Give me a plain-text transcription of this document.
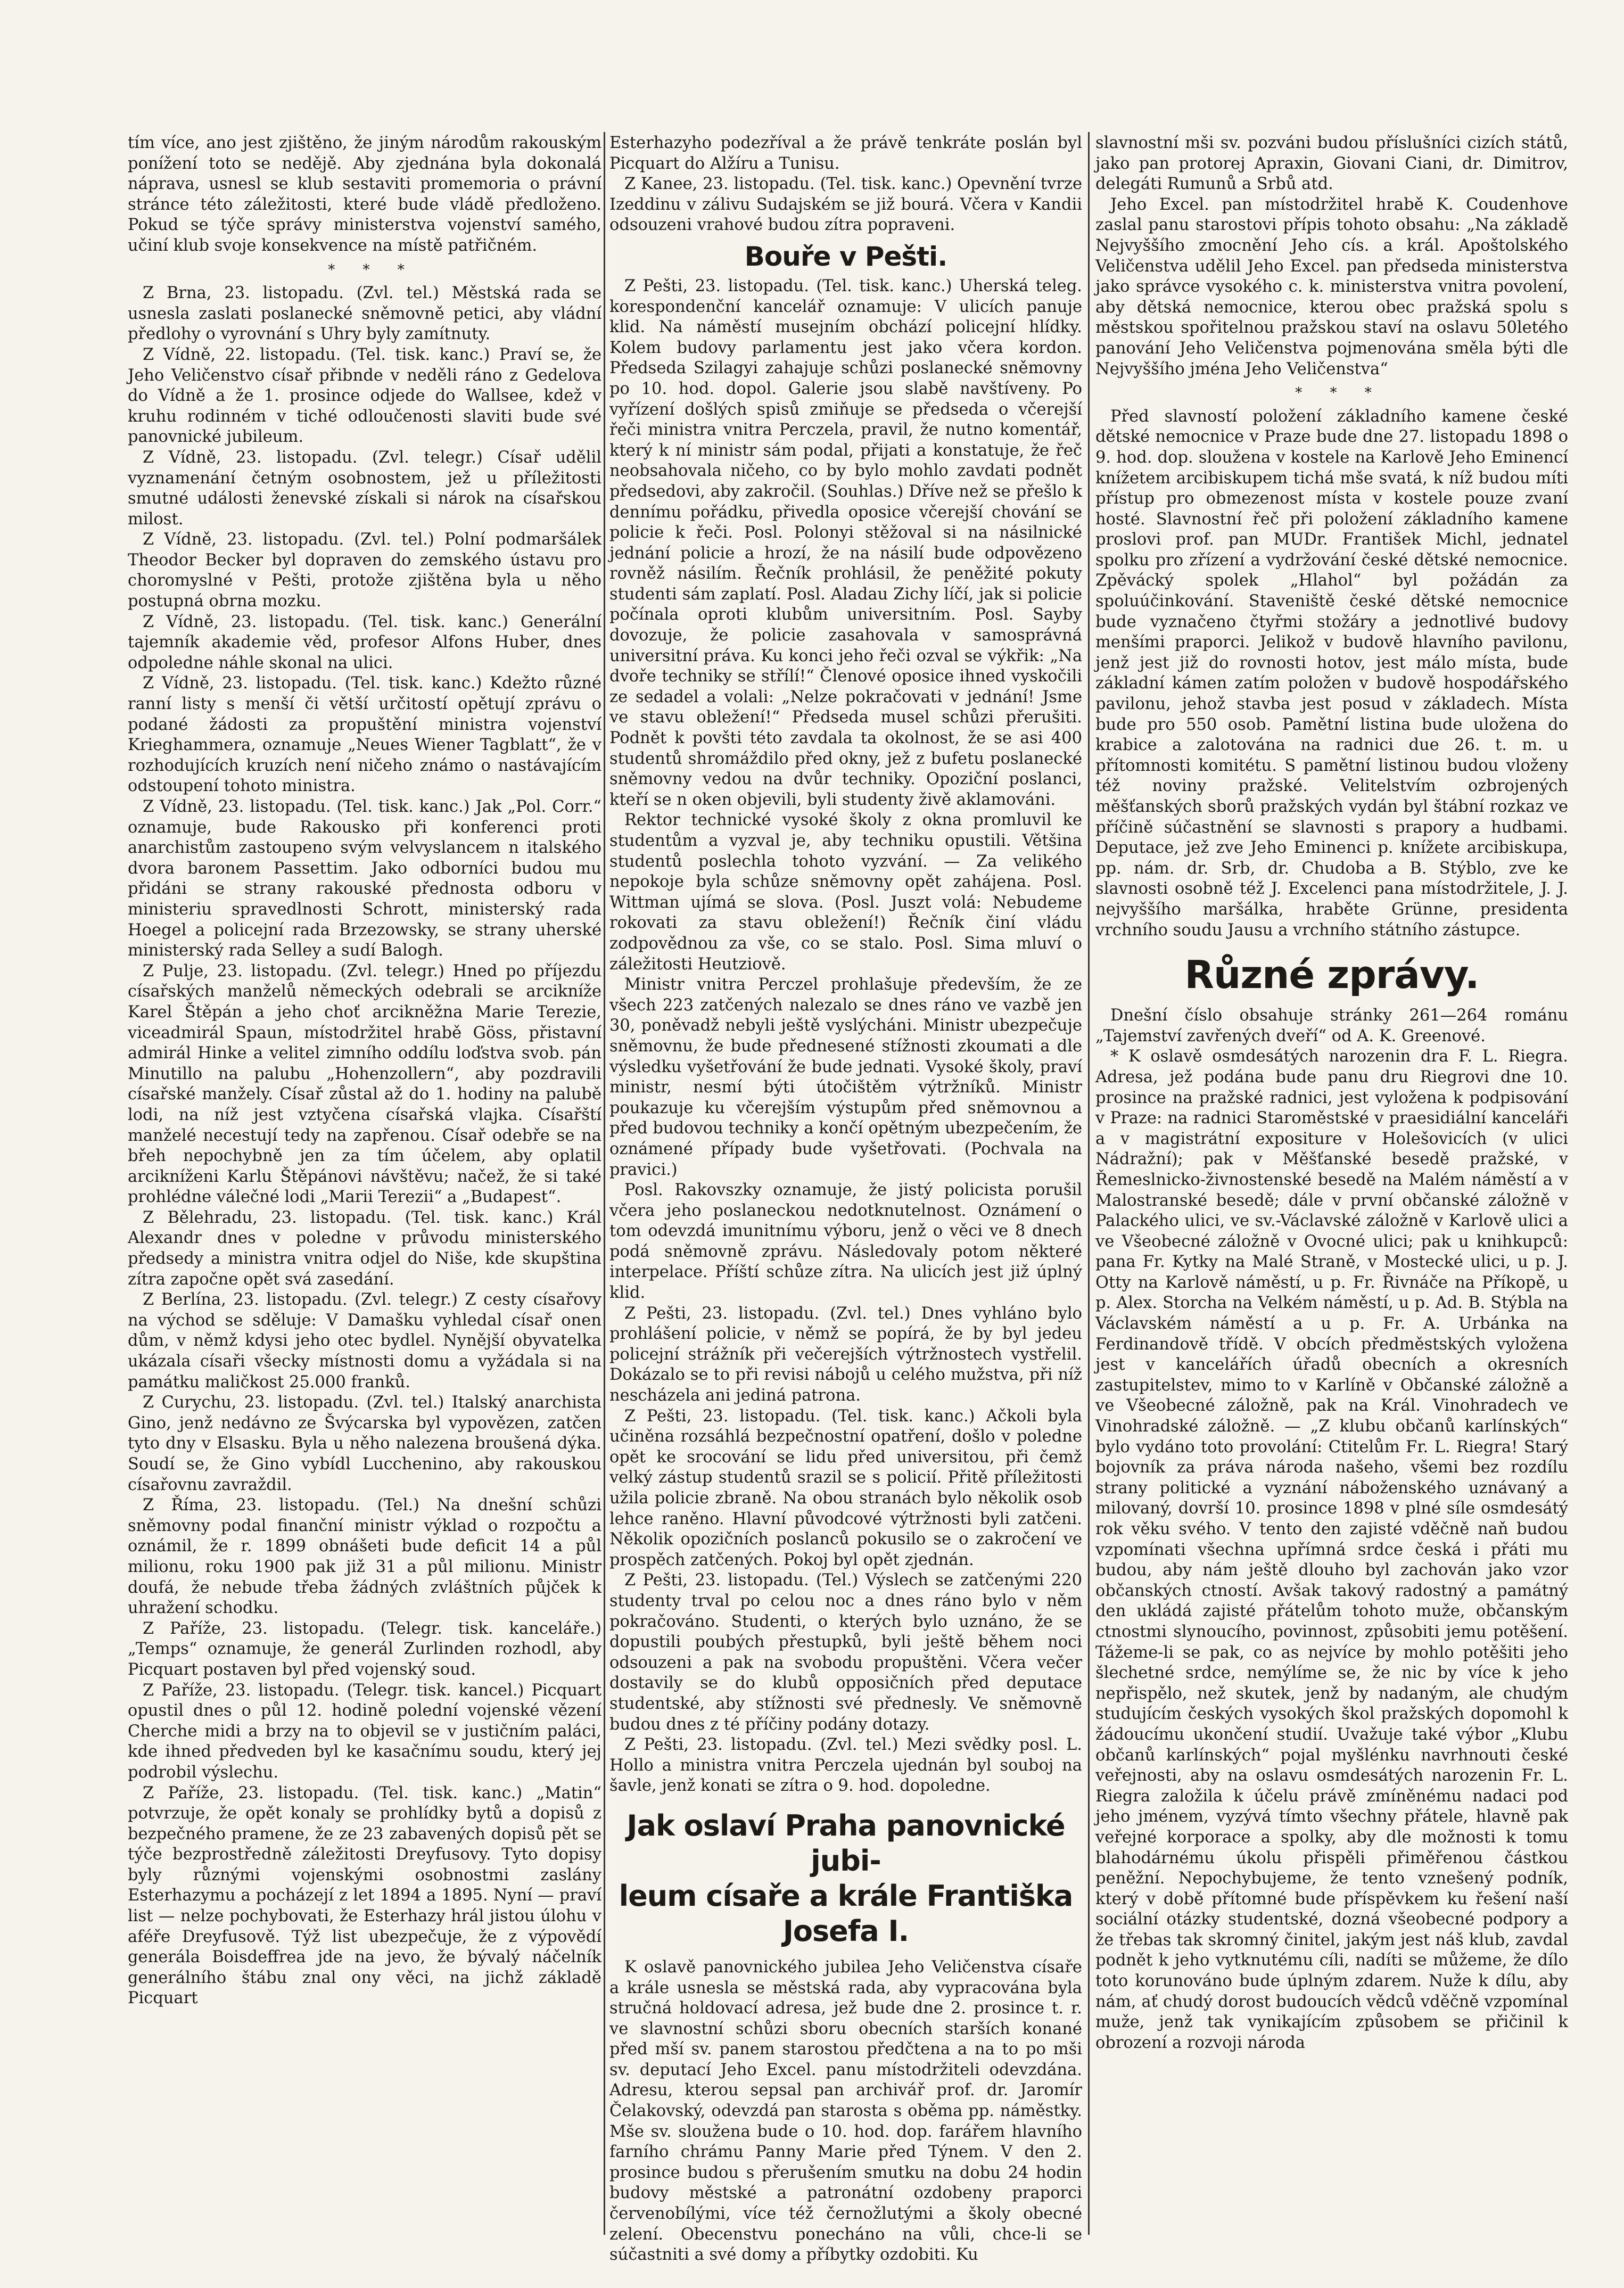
tím více, ano jest zjištěno, že jiným národům rakouským ponížení toto se nedějě. Aby zjednána byla dokonalá náprava, usnesl se klub sestaviti promemoria o právní stránce této záležitosti, které bude vládě předloženo. Pokud se týče správy ministerstva vojenství samého, učiní klub svoje konsekvence na místě patřičném.

* * *

Z Brna, 23. listopadu. (Zvl. tel.) Městská rada se usnesla zaslati poslanecké sněmovně petici, aby vládní předlohy o vyrovnání s Uhry byly zamítnuty.

Z Vídně, 22. listopadu. (Tel. tisk. kanc.) Praví se, že Jeho Veličenstvo císař přibnde v neděli ráno z Gedelova do Vídně a že 1. prosince odjede do Wallsee, kdež v kruhu rodinném v tiché odloučenosti slaviti bude své panovnické jubileum.

Z Vídně, 23. listopadu. (Zvl. telegr.) Císař udělil vyznamenání četným osobnostem, jež u příležitosti smutné události ženevské získali si nárok na císařskou milost.

Z Vídně, 23. listopadu. (Zvl. tel.) Polní podmaršálek Theodor Becker byl dopraven do zemského ústavu pro choromyslné v Pešti, protože zjištěna byla u něho postupná obrna mozku.

Z Vídně, 23. listopadu. (Tel. tisk. kanc.) Generální tajemník akademie věd, profesor Alfons Huber, dnes odpoledne náhle skonal na ulici.

Z Vídně, 23. listopadu. (Tel. tisk. kanc.) Kdežto různé ranní listy s menší či větší určitostí opětují zprávu o podané žádosti za propuštění ministra vojenství Krieghammera, oznamuje „Neues Wiener Tagblatt“, že v rozhodujících kruzích není ničeho známo o nastávajícím odstoupení tohoto ministra.

Z Vídně, 23. listopadu. (Tel. tisk. kanc.) Jak „Pol. Corr.“ oznamuje, bude Rakousko při konferenci proti anarchistům zastoupeno svým velvyslancem n italského dvora baronem Passettim. Jako odborníci budou mu přidáni se strany rakouské přednosta odboru v ministeriu spravedlnosti Schrott, ministerský rada Hoegel a policejní rada Brzezowsky, se strany uherské ministerský rada Selley a sudí Balogh.

Z Pulje, 23. listopadu. (Zvl. telegr.) Hned po příjezdu císařských manželů německých odebrali se arcikníže Karel Štěpán a jeho choť arcikněžna Marie Terezie, viceadmirál Spaun, místodržitel hrabě Göss, přistavní admirál Hinke a velitel zimního oddílu loďstva svob. pán Minutillo na palubu „Hohenzollern“, aby pozdravili císařské manžely. Císař zůstal až do 1. hodiny na palubě lodi, na níž jest vztyčena císařská vlajka. Císařští manželé necestují tedy na zapřenou. Císař odebře se na břeh nepochybně jen za tím účelem, aby oplatil arcikníženi Karlu Štěpánovi návštěvu; načež, že si také prohlédne válečné lodi „Marii Terezii“ a „Budapest“.

Z Bělehradu, 23. listopadu. (Tel. tisk. kanc.) Král Alexandr dnes v poledne v průvodu ministerského předsedy a ministra vnitra odjel do Niše, kde skupština zítra započne opět svá zasedání.

Z Berlína, 23. listopadu. (Zvl. telegr.) Z cesty císařovy na východ se sděluje: V Damašku vyhledal císař onen dům, v němž kdysi jeho otec bydlel. Nynější obyvatelka ukázala císaři všecky místnosti domu a vyžádala si na památku maličkost 25.000 franků.

Z Curychu, 23. listopadu. (Zvl. tel.) Italský anarchista Gino, jenž nedávno ze Švýcarska byl vypovězen, zatčen tyto dny v Elsasku. Byla u něho nalezena broušená dýka. Soudí se, že Gino vybídl Lucchenino, aby rakouskou císařovnu zavraždil.

Z Říma, 23. listopadu. (Tel.) Na dnešní schůzi sněmovny podal finanční ministr výklad o rozpočtu a oznámil, že r. 1899 obnášeti bude deficit 14 a půl milionu, roku 1900 pak již 31 a půl milionu. Ministr doufá, že nebude třeba žádných zvláštních půjček k uhražení schodku.

Z Paříže, 23. listopadu. (Telegr. tisk. kanceláře.) „Temps“ oznamuje, že generál Zurlinden rozhodl, aby Picquart postaven byl před vojenský soud.

Z Paříže, 23. listopadu. (Telegr. tisk. kancel.) Picquart opustil dnes o půl 12. hodině polední vojenské vězení Cherche midi a brzy na to objevil se v justičním paláci, kde ihned předveden byl ke kasačnímu soudu, který jej podrobil výslechu.

Z Paříže, 23. listopadu. (Tel. tisk. kanc.) „Matin“ potvrzuje, že opět konaly se prohlídky bytů a dopisů z bezpečného pramene, že ze 23 zabavených dopisů pět se týče bezprostředně záležitosti Dreyfusovy. Tyto dopisy byly různými vojenskými osobnostmi zaslány Esterhazymu a pocházejí z let 1894 a 1895. Nyní — praví list — nelze pochybovati, že Esterhazy hrál jistou úlohu v aféře Dreyfusově. Týž list ubezpečuje, že z výpovědí generála Boisdeffrea jde na jevo, že bývalý náčelník generálního štábu znal ony věci, na jichž základě Picquart

Esterhazyho podezříval a že právě tenkráte poslán byl Picquart do Alžíru a Tunisu.

Z Kanee, 23. listopadu. (Tel. tisk. kanc.) Opevnění tvrze Izeddinu v zálivu Sudajském se již bourá. Včera v Kandii odsouzeni vrahové budou zítra popraveni.

Bouře v Pešti.

Z Pešti, 23. listopadu. (Tel. tisk. kanc.) Uherská teleg. korespondenční kancelář oznamuje: V ulicích panuje klid. Na náměstí musejním obchází policejní hlídky. Kolem budovy parlamentu jest jako včera kordon. Předseda Szilagyi zahajuje schůzi poslanecké sněmovny po 10. hod. dopol. Galerie jsou slabě navštíveny. Po vyřízení došlých spisů zmiňuje se předseda o včerejší řeči ministra vnitra Perczela, pravil, že nutno komentář, který k ní ministr sám podal, přijati a konstatuje, že řeč neobsahovala ničeho, co by bylo mohlo zavdati podnět předsedovi, aby zakročil. (Souhlas.) Dříve než se přešlo k dennímu pořádku, přivedla oposice včerejší chování se policie k řeči. Posl. Polonyi stěžoval si na násilnické jednání policie a hrozí, že na násilí bude odpovězeno rovněž násilím. Řečník prohlásil, že peněžité pokuty studenti sám zaplatí. Posl. Aladau Zichy líčí, jak si policie počínala oproti klubům universitním. Posl. Sayby dovozuje, že policie zasahovala v samosprávná universitní práva. Ku konci jeho řeči ozval se výkřik: „Na dvoře techniky se střílí!“ Členové oposice ihned vyskočili ze sedadel a volali: „Nelze pokračovati v jednání! Jsme ve stavu obležení!“ Předseda musel schůzi přerušiti. Podnět k povšti této zavdala ta okolnost, že se asi 400 studentů shromáždilo před okny, jež z bufetu poslanecké sněmovny vedou na dvůr techniky. Opoziční poslanci, kteří se n oken objevili, byli studenty živě aklamováni.

Rektor technické vysoké školy z okna promluvil ke studentům a vyzval je, aby techniku opustili. Většina studentů poslechla tohoto vyzvání. — Za velikého nepokoje byla schůze sněmovny opět zahájena. Posl. Wittman ujímá se slova. (Posl. Juszt volá: Nebudeme rokovati za stavu obležení!) Řečník činí vládu zodpovědnou za vše, co se stalo. Posl. Sima mluví o záležitosti Heutziově.

Ministr vnitra Perczel prohlašuje především, že ze všech 223 zatčených nalezalo se dnes ráno ve vazbě jen 30, poněvadž nebyli ještě vyslýcháni. Ministr ubezpečuje sněmovnu, že bude přednesené stížnosti zkoumati a dle výsledku vyšetřování že bude jednati. Vysoké školy, praví ministr, nesmí býti útočištěm výtržníků. Ministr poukazuje ku včerejším výstupům před sněmovnou a před budovou techniky a končí opětným ubezpečením, že oznámené případy bude vyšetřovati. (Pochvala na pravici.)

Posl. Rakovszky oznamuje, že jistý policista porušil včera jeho poslaneckou nedotknutelnost. Oznámení o tom odevzdá imunitnímu výboru, jenž o věci ve 8 dnech podá sněmovně zprávu. Následovaly potom některé interpelace. Příští schůze zítra. Na ulicích jest již úplný klid.

Z Pešti, 23. listopadu. (Zvl. tel.) Dnes vyhláno bylo prohlášení policie, v němž se popírá, že by byl jedeu policejní strážník při večerejších výtržnostech vystřelil. Dokázalo se to při revisi nábojů u celého mužstva, při níž nescházela ani jediná patrona.

Z Pešti, 23. listopadu. (Tel. tisk. kanc.) Ačkoli byla učiněna rozsáhlá bezpečnostní opatření, došlo v poledne opět ke srocování se lidu před universitou, při čemž velký zástup studentů srazil se s policií. Přitě příležitosti užila policie zbraně. Na obou stranách bylo několik osob lehce raněno. Hlavní původcové výtržnosti byli zatčeni. Několik opozičních poslanců pokusilo se o zakročení ve prospěch zatčených. Pokoj byl opět zjednán.

Z Pešti, 23. listopadu. (Tel.) Výslech se zatčenými 220 studenty trval po celou noc a dnes ráno bylo v něm pokračováno. Studenti, o kterých bylo uznáno, že se dopustili poubých přestupků, byli ještě během noci odsouzeni a pak na svobodu propuštěni. Včera večer dostavily se do klubů opposičních před deputace studentské, aby stížnosti své přednesly. Ve sněmovně budou dnes z té příčiny podány dotazy.

Z Pešti, 23. listopadu. (Zvl. tel.) Mezi svědky posl. L. Hollo a ministra vnitra Perczela ujednán byl souboj na šavle, jenž konati se zítra o 9. hod. dopoledne.

Jak oslaví Praha panovnické jubi-
leum císaře a krále Františka
Josefa I.

K oslavě panovnického jubilea Jeho Veličenstva císaře a krále usnesla se městská rada, aby vypracována byla stručná holdovací adresa, jež bude dne 2. prosince t. r. ve slavnostní schůzi sboru obecních starších konané před mší sv. panem starostou předčtena a na to po mši sv. deputací Jeho Excel. panu místodržiteli odevzdána. Adresu, kterou sepsal pan archivář prof. dr. Jaromír Čelakovský, odevzdá pan starosta s oběma pp. náměstky. Mše sv. sloužena bude o 10. hod. dop. farářem hlavního farního chrámu Panny Marie před Týnem. V den 2. prosince budou s přerušením smutku na dobu 24 hodin budovy městské a patronátní ozdobeny praporci červenobílými, více též černožlutými a školy obecné zelení. Obecenstvu ponecháno na vůli, chce-li se súčastniti a své domy a příbytky ozdobiti. Ku

slavnostní mši sv. pozváni budou příslušníci cizích států, jako pan protorej Apraxin, Giovani Ciani, dr. Dimitrov, delegáti Rumunů a Srbů atd.

Jeho Excel. pan místodržitel hrabě K. Coudenhove zaslal panu starostovi přípis tohoto obsahu: „Na základě Nejvyššího zmocnění Jeho cís. a král. Apoštolského Veličenstva udělil Jeho Excel. pan předseda ministerstva jako správce vysokého c. k. ministerstva vnitra povolení, aby dětská nemocnice, kterou obec pražská spolu s městskou spořitelnou pražskou staví na oslavu 50letého panování Jeho Veličenstva pojmenována směla býti dle Nejvyššího jména Jeho Veličenstva“

* * *

Před slavností položení základního kamene české dětské nemocnice v Praze bude dne 27. listopadu 1898 o 9. hod. dop. sloužena v kostele na Karlově Jeho Eminencí knížetem arcibiskupem tichá mše svatá, k níž budou míti přístup pro obmezenost místa v kostele pouze zvaní hosté. Slavnostní řeč při položení základního kamene proslovi prof. pan MUDr. František Michl, jednatel spolku pro zřízení a vydržování české dětské nemocnice. Zpěvácký spolek „Hlahol“ byl požádán za spoluúčinkování. Staveniště české dětské nemocnice bude vyznačeno čtyřmi stožáry a jednotlivé budovy menšími praporci. Jelikož v budově hlavního pavilonu, jenž jest již do rovnosti hotov, jest málo místa, bude základní kámen zatím položen v budově hospodářského pavilonu, jehož stavba jest posud v základech. Místa bude pro 550 osob. Pamětní listina bude uložena do krabice a zalotována na radnici due 26. t. m. u přítomnosti komitétu. S pamětní listinou budou vloženy též noviny pražské. Velitelstvím ozbrojených měšťanských sborů pražských vydán byl štábní rozkaz ve příčině súčastnění se slavnosti s prapory a hudbami. Deputace, jež zve Jeho Eminenci p. knížete arcibiskupa, pp. nám. dr. Srb, dr. Chudoba a B. Stýblo, zve ke slavnosti osobně též J. Excelenci pana místodržitele, J. J. nejvyššího maršálka, hraběte Grünne, presidenta vrchního soudu Jausu a vrchního státního zástupce.

Různé zprávy.

Dnešní číslo obsahuje stránky 261—264 románu „Tajemství zavřených dveří“ od A. K. Greenové.

* K oslavě osmdesátých narozenin dra F. L. Riegra. Adresa, jež podána bude panu dru Riegrovi dne 10. prosince na pražské radnici, jest vyložena k podpisování v Praze: na radnici Staroměstské v praesidiální kanceláři a v magistrátní expositure v Holešovicích (v ulici Nádražní); pak v Měšťanské besedě pražské, v Řemeslnicko-živnostenské besedě na Malém náměstí a v Malostranské besedě; dále v první občanské záložně v Palackého ulici, ve sv.-Václavské záložně v Karlově ulici a ve Všeobecné záložně v Ovocné ulici; pak u knihkupců: pana Fr. Kytky na Malé Straně, v Mostecké ulici, u p. J. Otty na Karlově náměstí, u p. Fr. Řivnáče na Příkopě, u p. Alex. Storcha na Velkém náměstí, u p. Ad. B. Stýbla na Václavském náměstí a u p. Fr. A. Urbánka na Ferdinandově třídě. V obcích předměstských vyložena jest v kancelářích úřadů obecních a okresních zastupitelstev, mimo to v Karlíně v Občanské záložně a ve Všeobecné záložně, pak na Král. Vinohradech ve Vinohradské záložně. — „Z klubu občanů karlínských“ bylo vydáno toto provolání: Ctitelům Fr. L. Riegra! Starý bojovník za práva národa našeho, všemi bez rozdílu strany politické a vyznání náboženského uznávaný a milovaný, dovrší 10. prosince 1898 v plné síle osmdesátý rok věku svého. V tento den zajisté vděčně naň budou vzpomínati všechna upřímná srdce česká i přáti mu budou, aby nám ještě dlouho byl zachován jako vzor občanských ctností. Avšak takový radostný a památný den ukládá zajisté přátelům tohoto muže, občanským ctnostmi slynoucího, povinnost, způsobiti jemu potěšení. Tážeme-li se pak, co as nejvíce by mohlo potěšiti jeho šlechetné srdce, nemýlíme se, že nic by více k jeho nepřispělo, než skutek, jenž by nadaným, ale chudým studujícím českých vysokých škol pražských dopomohl k žádoucímu ukončení studií. Uvažuje také výbor „Klubu občanů karlínských“ pojal myšlénku navrhnouti české veřejnosti, aby na oslavu osmdesátých narozenin Fr. L. Riegra založila k účelu právě zmíněnému nadaci pod jeho jménem, vyzývá tímto všechny přátele, hlavně pak veřejné korporace a spolky, aby dle možnosti k tomu blahodárnému úkolu přispěli přiměřenou částkou peněžní. Nepochybujeme, že tento vznešený podník, který v době přítomné bude příspěvkem ku řešení naší sociální otázky studentské, dozná všeobecné podpory a že třebas tak skromný činitel, jakým jest náš klub, zavdal podnět k jeho vytknutému cíli, nadíti se můžeme, že dílo toto korunováno bude úplným zdarem. Nuže k dílu, aby nám, ať chudý dorost budoucích vědců vděčně vzpomínal muže, jenž tak vynikajícím způsobem se přičinil k obrození a rozvoji národa
